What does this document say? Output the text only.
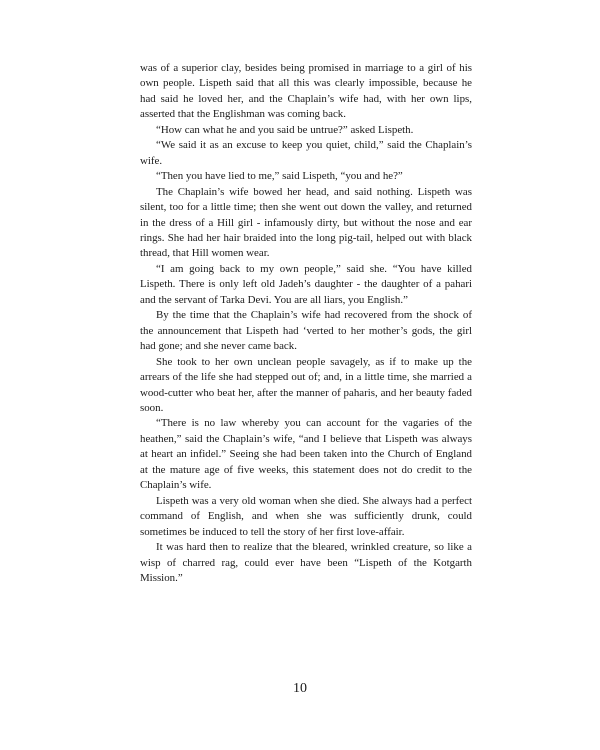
was of a superior clay, besides being promised in marriage to a girl of his own people. Lispeth said that all this was clearly impossible, because he had said he loved her, and the Chaplain’s wife had, with her own lips, asserted that the Englishman was coming back.

“How can what he and you said be untrue?” asked Lispeth.

“We said it as an excuse to keep you quiet, child,” said the Chaplain’s wife.

“Then you have lied to me,” said Lispeth, “you and he?”

The Chaplain’s wife bowed her head, and said nothing. Lispeth was silent, too for a little time; then she went out down the valley, and returned in the dress of a Hill girl - infamously dirty, but without the nose and ear rings. She had her hair braided into the long pig-tail, helped out with black thread, that Hill women wear.

“I am going back to my own people,” said she. “You have killed Lispeth. There is only left old Jadeh’s daughter - the daughter of a pahari and the servant of Tarka Devi. You are all liars, you English.”

By the time that the Chaplain’s wife had recovered from the shock of the announcement that Lispeth had ‘verted to her mother’s gods, the girl had gone; and she never came back.

She took to her own unclean people savagely, as if to make up the arrears of the life she had stepped out of; and, in a little time, she married a wood-cutter who beat her, after the manner of paharis, and her beauty faded soon.

“There is no law whereby you can account for the vagaries of the heathen,” said the Chaplain’s wife, “and I believe that Lispeth was always at heart an infidel.” Seeing she had been taken into the Church of England at the mature age of five weeks, this statement does not do credit to the Chaplain’s wife.

Lispeth was a very old woman when she died. She always had a perfect command of English, and when she was sufficiently drunk, could sometimes be induced to tell the story of her first love-affair.

It was hard then to realize that the bleared, wrinkled creature, so like a wisp of charred rag, could ever have been “Lispeth of the Kotgarth Mission.”

10
